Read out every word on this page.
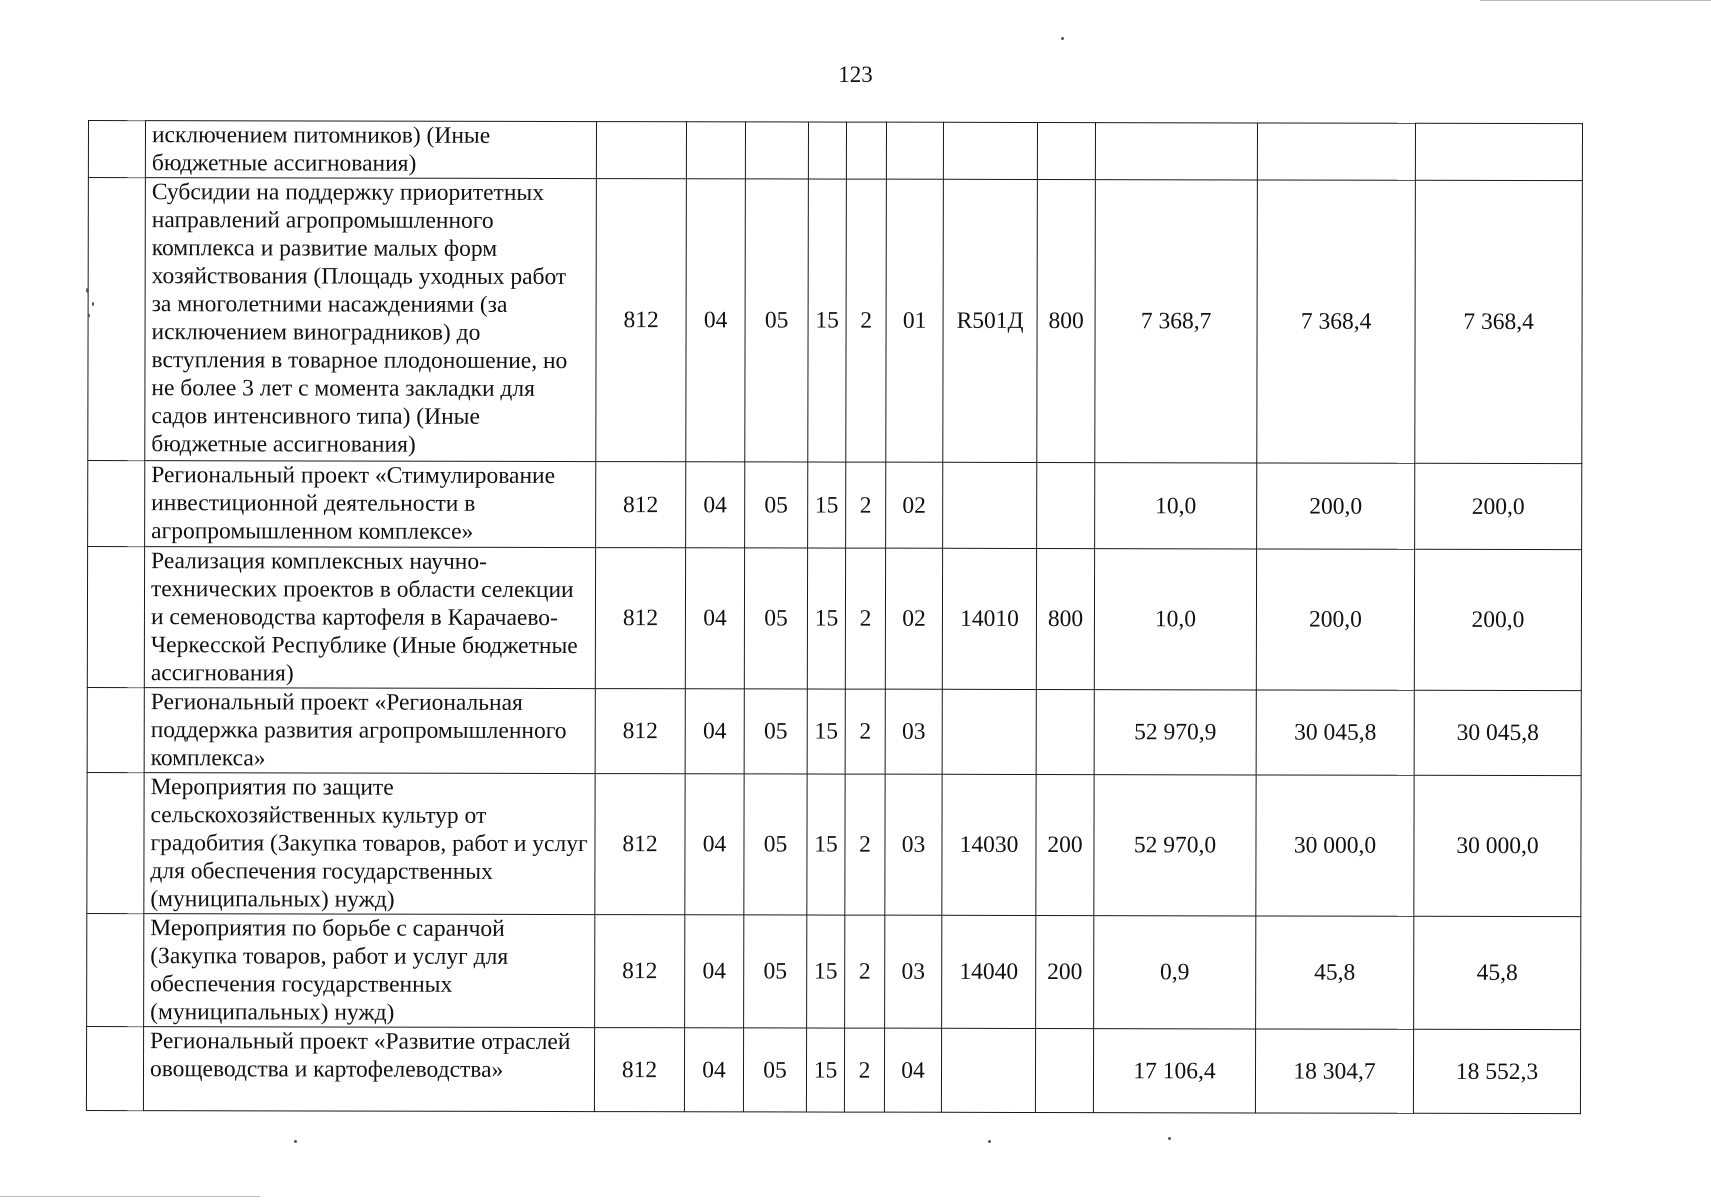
123
	исключением питомников) (Иные бюджетные ассигнования)											
	Субсидии на поддержку приоритетных направлений агропромышленного комплекса и развитие малых форм хозяйствования (Площадь уходных работ за многолетними насаждениями (за исключением виноградников) до вступления в товарное плодоношение, но не более 3 лет с момента закладки для садов интенсивного типа) (Иные бюджетные ассигнования)	812	04	05	15	2	01	R501Д	800	7 368,7	7 368,4	7 368,4
	Региональный проект «Стимулирование инвестиционной деятельности в агропромышленном комплексе»	812	04	05	15	2	02			10,0	200,0	200,0
	Реализация комплексных научно-технических проектов в области селекции и семеноводства картофеля в Карачаево-Черкесской Республике (Иные бюджетные ассигнования)	812	04	05	15	2	02	14010	800	10,0	200,0	200,0
	Региональный проект «Региональная поддержка развития агропромышленного комплекса»	812	04	05	15	2	03			52 970,9	30 045,8	30 045,8
	Мероприятия по защите сельскохозяйственных культур от градобития (Закупка товаров, работ и услуг для обеспечения государственных (муниципальных) нужд)	812	04	05	15	2	03	14030	200	52 970,0	30 000,0	30 000,0
	Мероприятия по борьбе с саранчой (Закупка товаров, работ и услуг для обеспечения государственных (муниципальных) нужд)	812	04	05	15	2	03	14040	200	0,9	45,8	45,8
	Региональный проект «Развитие отраслей овощеводства и картофелеводства»	812	04	05	15	2	04			17 106,4	18 304,7	18 552,3
